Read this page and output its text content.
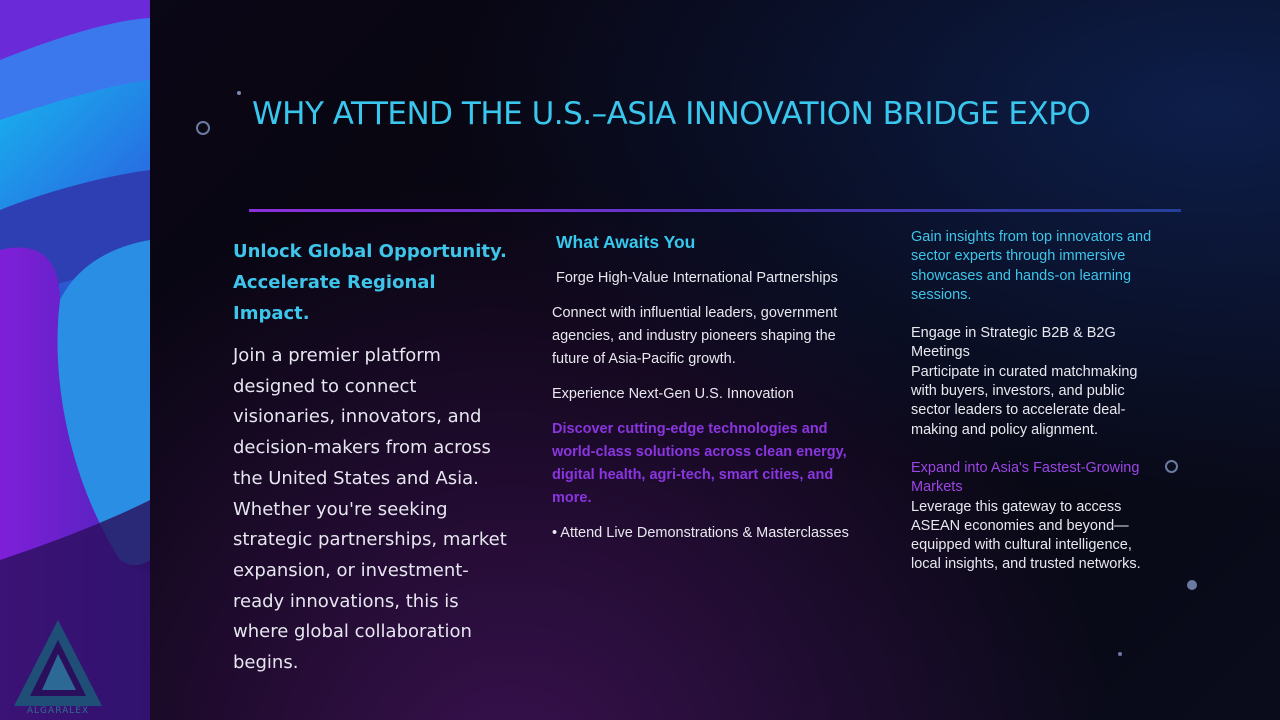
ALGARALEX
WHY ATTEND THE U.S.–ASIA INNOVATION BRIDGE EXPO

Unlock Global Opportunity. Accelerate Regional Impact.

Join a premier platform designed to connect visionaries, innovators, and decision-makers from across the United States and Asia. Whether you're seeking strategic partnerships, market expansion, or investment-ready innovations, this is where global collaboration begins.

What Awaits You

Forge High-Value International Partnerships

Connect with influential leaders, government agencies, and industry pioneers shaping the future of Asia-Pacific growth.

Experience Next-Gen U.S. Innovation

Discover cutting-edge technologies and world-class solutions across clean energy, digital health, agri-tech, smart cities, and more.

• Attend Live Demonstrations & Masterclasses

Gain insights from top innovators and sector experts through immersive showcases and hands-on learning sessions.

Engage in Strategic B2B & B2G Meetings

Participate in curated matchmaking with buyers, investors, and public sector leaders to accelerate deal-making and policy alignment.

Expand into Asia's Fastest-Growing Markets

Leverage this gateway to access ASEAN economies and beyond—equipped with cultural intelligence, local insights, and trusted networks.
